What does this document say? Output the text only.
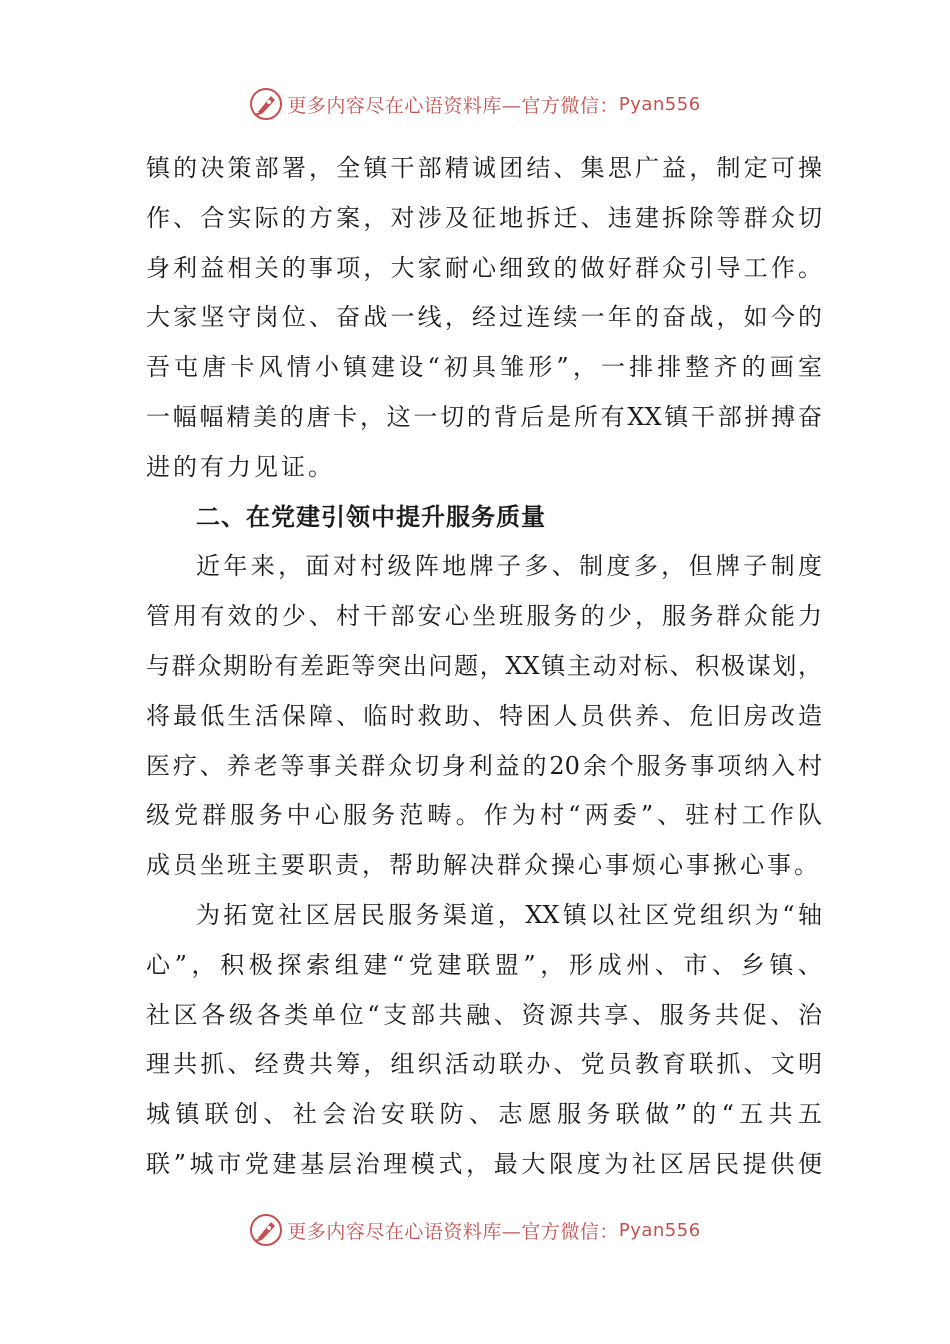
更多内容尽在心语资料库—官方微信： Pyan556
镇的决策部署，全镇干部精诚团结、集思广益，制定可操
作、合实际的方案，对涉及征地拆迁、违建拆除等群众切
身利益相关的事项，大家耐心细致的做好群众引导工作。
大家坚守岗位、奋战一线，经过连续一年的奋战，如今的
吾屯唐卡风情小镇建设“初具雏形”，一排排整齐的画室
一幅幅精美的唐卡，这一切的背后是所有XX镇干部拼搏奋
进的有力见证。
二、在党建引领中提升服务质量
近年来，面对村级阵地牌子多、制度多，但牌子制度
管用有效的少、村干部安心坐班服务的少，服务群众能力
与群众期盼有差距等突出问题，XX镇主动对标、积极谋划，
将最低生活保障、临时救助、特困人员供养、危旧房改造
医疗、养老等事关群众切身利益的20余个服务事项纳入村
级党群服务中心服务范畴。作为村“两委”、驻村工作队
成员坐班主要职责，帮助解决群众操心事烦心事揪心事。
为拓宽社区居民服务渠道，XX镇以社区党组织为“轴
心”，积极探索组建“党建联盟”，形成州、市、乡镇、
社区各级各类单位“支部共融、资源共享、服务共促、治
理共抓、经费共筹，组织活动联办、党员教育联抓、文明
城镇联创、社会治安联防、志愿服务联做”的“五共五
联”城市党建基层治理模式，最大限度为社区居民提供便
更多内容尽在心语资料库—官方微信： Pyan556
